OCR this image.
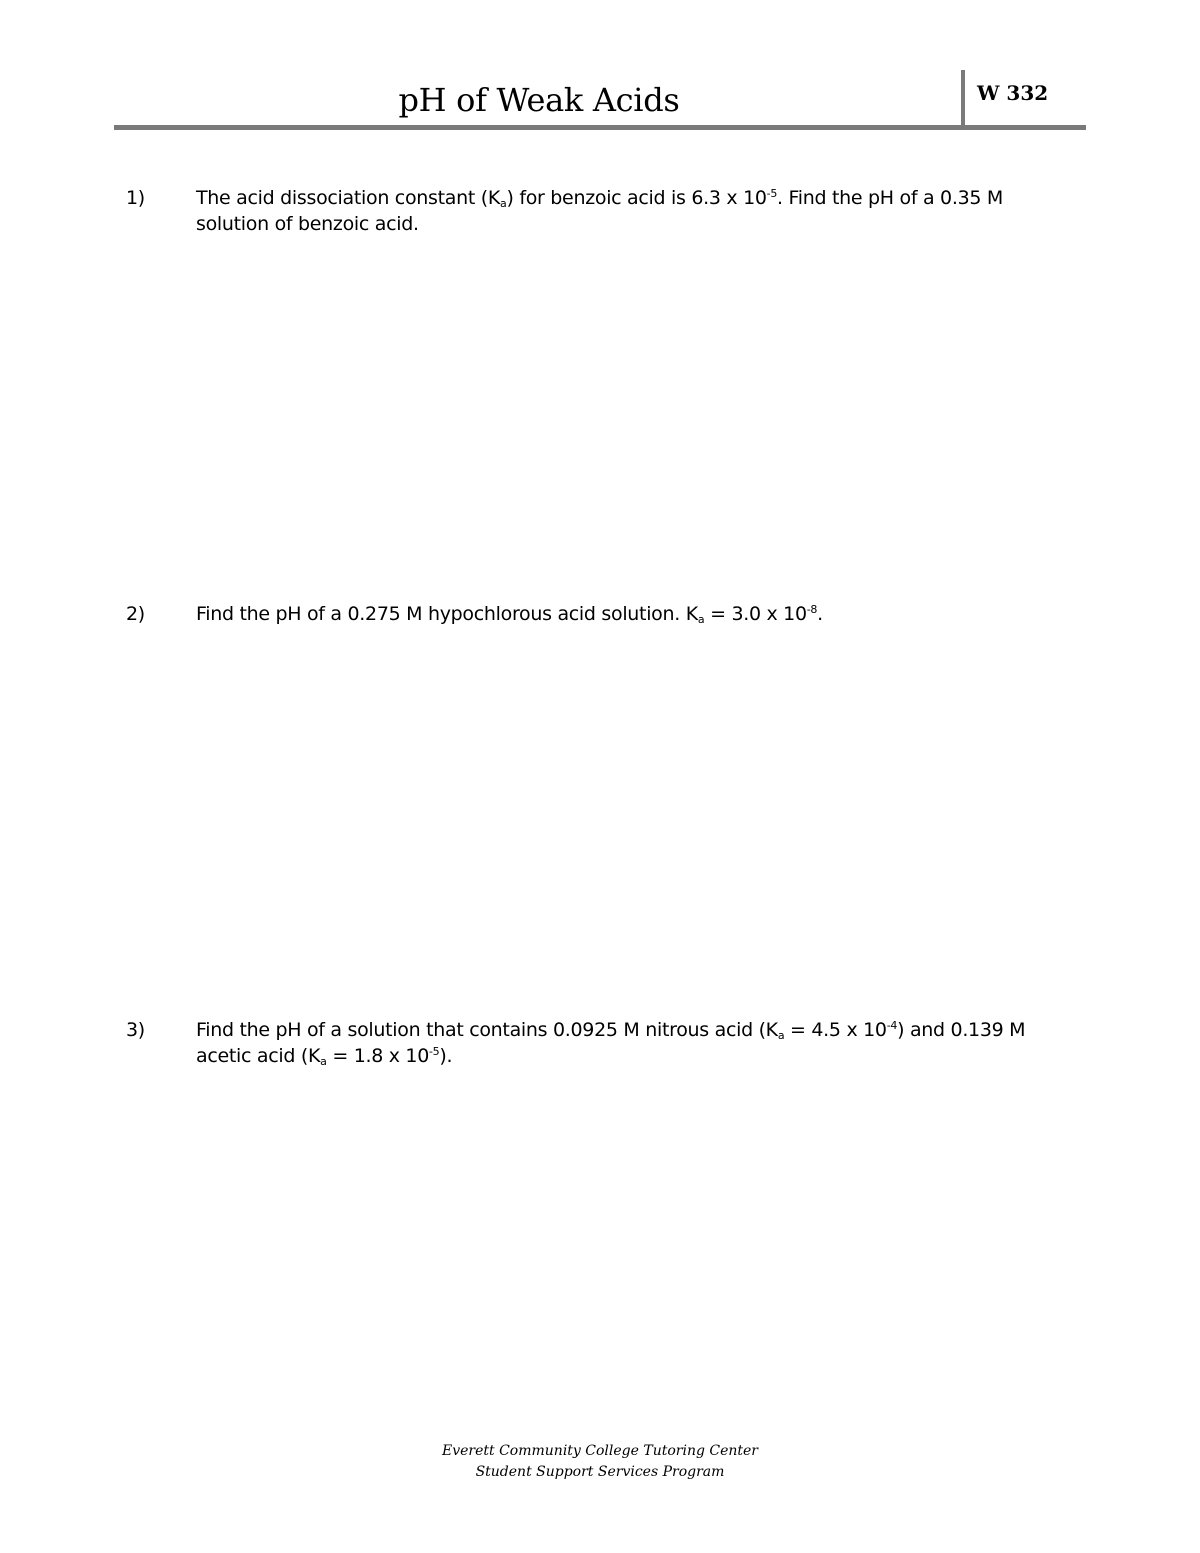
pH of Weak Acids	W 332
1)	The acid dissociation constant $(K_a)$ for benzoic acid is 6.3 x $10^{-5}$. Find the pH of a 0.35 M solution of benzoic acid.
2)	Find the pH of a 0.275 M hypochlorous acid solution. $K_a = 3.0$ x $10^{-8}$.
3)	Find the pH of a solution that contains 0.0925 M nitrous acid ($K_a = 4.5$ x $10^{-4}$) and 0.139 M acetic acid ($K_a = 1.8$ x $10^{-5}$).
Everett Community College Tutoring Center
Student Support Services Program
